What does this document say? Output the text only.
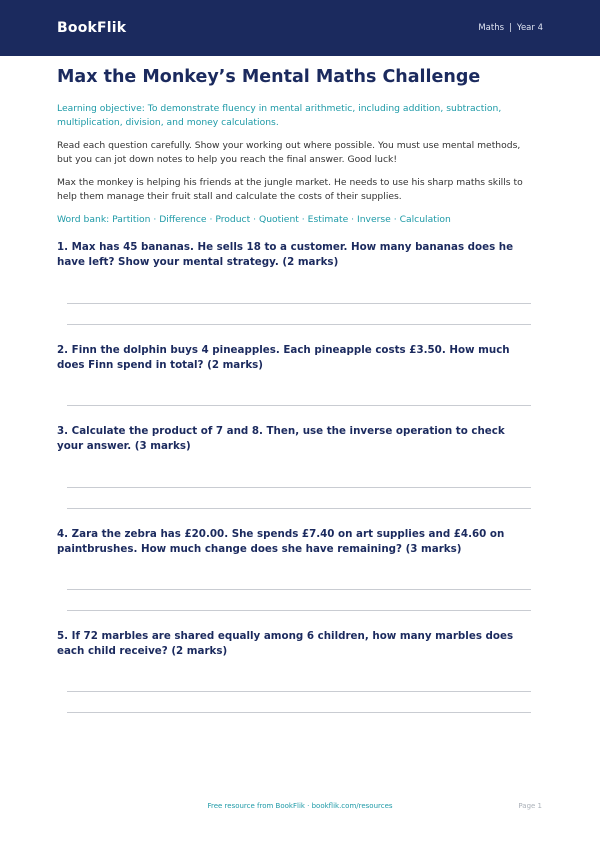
BookFlik	Maths | Year 4
Max the Monkey’s Mental Maths Challenge

Learning objective: To demonstrate fluency in mental arithmetic, including addition, subtraction, multiplication, division, and money calculations.

Read each question carefully. Show your working out where possible. You must use mental methods, but you can jot down notes to help you reach the final answer. Good luck!

Max the monkey is helping his friends at the jungle market. He needs to use his sharp maths skills to help them manage their fruit stall and calculate the costs of their supplies.

Word bank: Partition · Difference · Product · Quotient · Estimate · Inverse · Calculation

1. Max has 45 bananas. He sells 18 to a customer. How many bananas does he have left? Show your mental strategy. (2 marks)

2. Finn the dolphin buys 4 pineapples. Each pineapple costs £3.50. How much does Finn spend in total? (2 marks)

3. Calculate the product of 7 and 8. Then, use the inverse operation to check your answer. (3 marks)

4. Zara the zebra has £20.00. She spends £7.40 on art supplies and £4.60 on paintbrushes. How much change does she have remaining? (3 marks)

5. If 72 marbles are shared equally among 6 children, how many marbles does each child receive? (2 marks)

Free resource from BookFlik · bookflik.com/resources	Page 1
